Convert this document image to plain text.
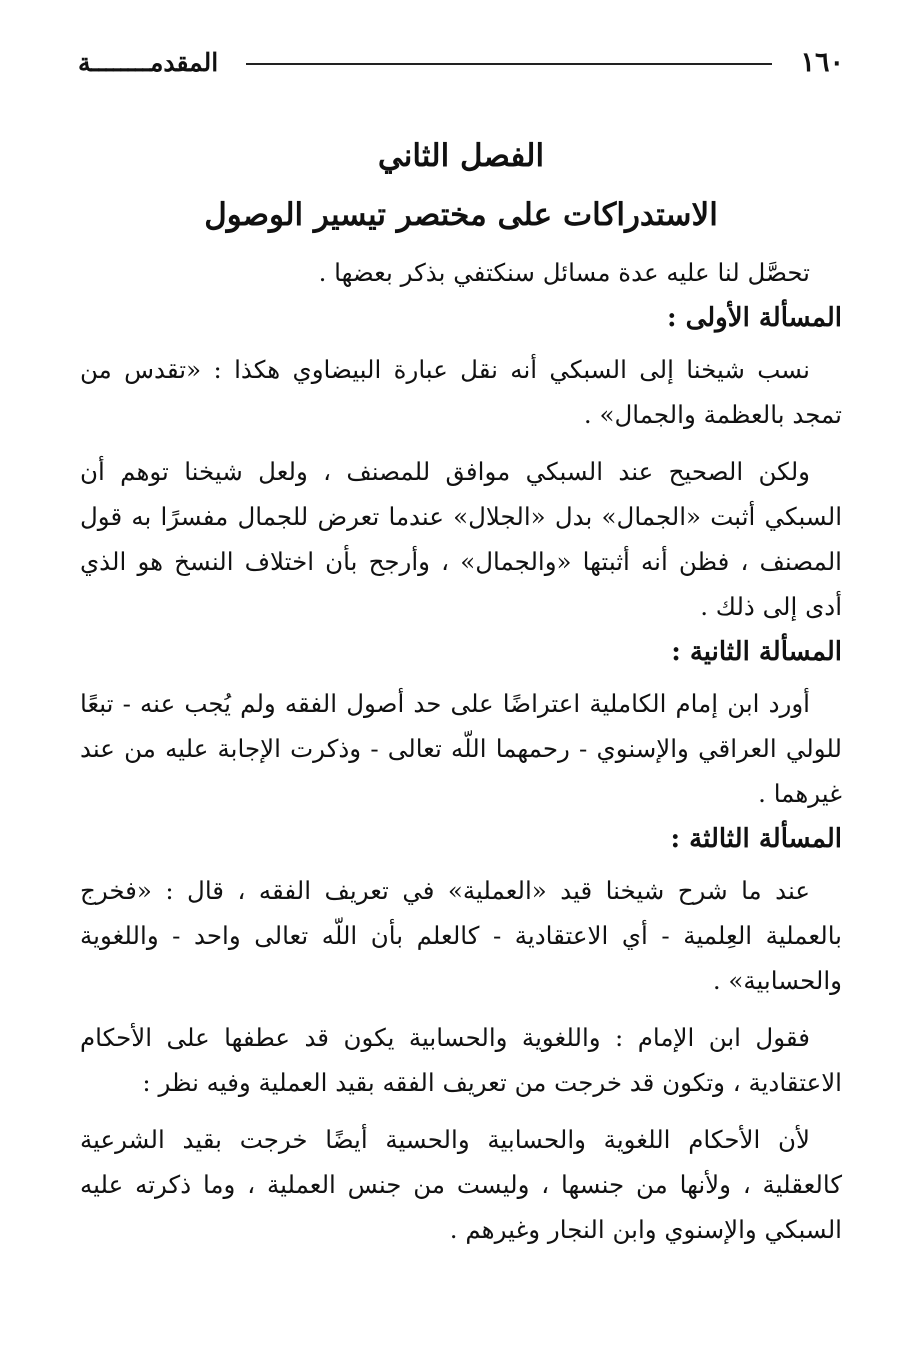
١٦٠
المقدمــــــــة
الفصل الثاني
الاستدراكات على مختصر تيسير الوصول

تحصَّل لنا عليه عدة مسائل سنكتفي بذكر بعضها .

المسألة الأولى :

نسب شيخنا إلى السبكي أنه نقل عبارة البيضاوي هكذا : «تقدس من تمجد بالعظمة والجمال» .

ولكن الصحيح عند السبكي موافق للمصنف ، ولعل شيخنا توهم أن السبكي أثبت «الجمال» بدل «الجلال» عندما تعرض للجمال مفسرًا به قول المصنف ، فظن أنه أثبتها «والجمال» ، وأرجح بأن اختلاف النسخ هو الذي أدى إلى ذلك .

المسألة الثانية :

أورد ابن إمام الكاملية اعتراضًا على حد أصول الفقه ولم يُجب عنه - تبعًا للولي العراقي والإسنوي - رحمهما اللّه تعالى - وذكرت الإجابة عليه من عند غيرهما .

المسألة الثالثة :

عند ما شرح شيخنا قيد «العملية» في تعريف الفقه ، قال : «فخرج بالعملية العِلمية - أي الاعتقادية - كالعلم بأن اللّه تعالى واحد - واللغوية والحسابية» .

فقول ابن الإمام : واللغوية والحسابية يكون قد عطفها على الأحكام الاعتقادية ، وتكون قد خرجت من تعريف الفقه بقيد العملية وفيه نظر :

لأن الأحكام اللغوية والحسابية والحسية أيضًا خرجت بقيد الشرعية كالعقلية ، ولأنها من جنسها ، وليست من جنس العملية ، وما ذكرته عليه السبكي والإسنوي وابن النجار وغيرهم .
